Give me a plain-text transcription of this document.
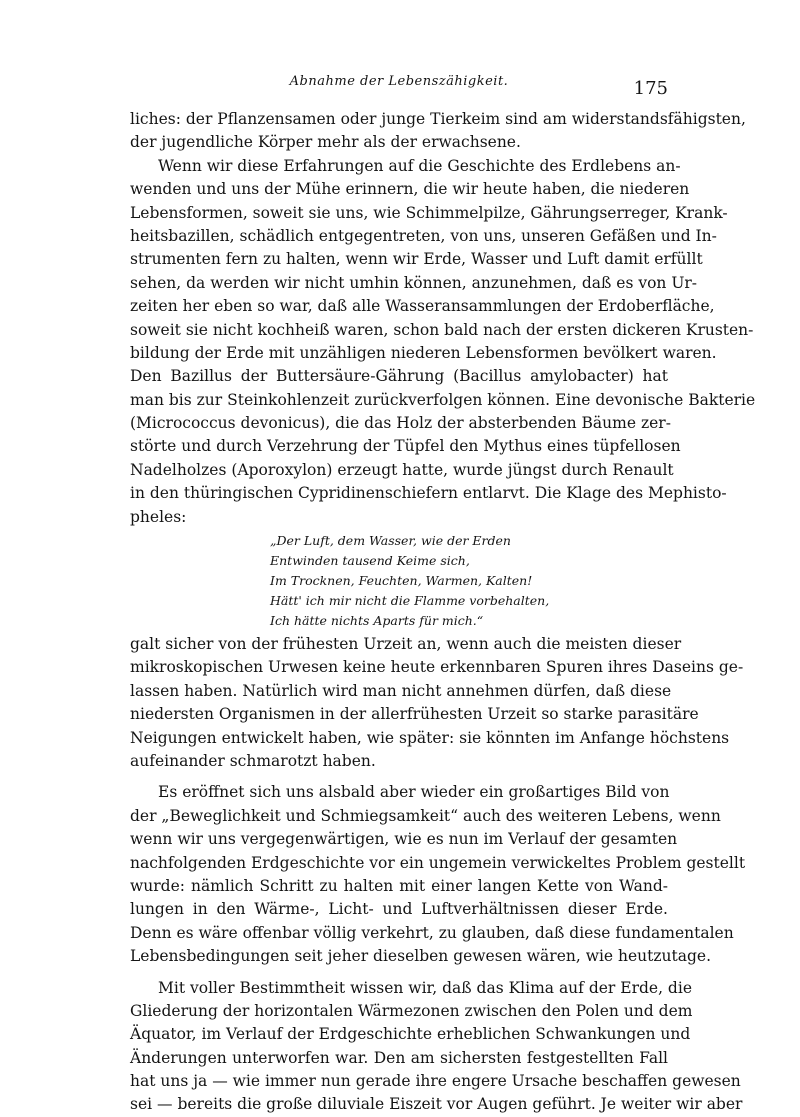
Abnahme der Lebenszähigkeit.	175
liches: der Pflanzensamen oder junge Tierkeim sind am widerstandsfähigsten,
der jugendliche Körper mehr als der erwachsene.
Wenn wir diese Erfahrungen auf die Geschichte des Erdlebens an-
wenden und uns der Mühe erinnern, die wir heute haben, die niederen
Lebensformen, soweit sie uns, wie Schimmelpilze, Gährungserreger, Krank-
heitsbazillen, schädlich entgegentreten, von uns, unseren Gefäßen und In-
strumenten fern zu halten, wenn wir Erde, Wasser und Luft damit erfüllt
sehen, da werden wir nicht umhin können, anzunehmen, daß es von Ur-
zeiten her eben so war, daß alle Wasseransammlungen der Erdoberfläche,
soweit sie nicht kochheiß waren, schon bald nach der ersten dickeren Krusten-
bildung der Erde mit unzähligen niederen Lebensformen bevölkert waren.
Den Bazillus der Buttersäure-Gährung (Bacillus amylobacter) hat
man bis zur Steinkohlenzeit zurückverfolgen können. Eine devonische Bakterie
(Micrococcus devonicus), die das Holz der absterbenden Bäume zer-
störte und durch Verzehrung der Tüpfel den Mythus eines tüpfellosen
Nadelholzes (Aporoxylon) erzeugt hatte, wurde jüngst durch Renault
in den thüringischen Cypridinenschiefern entlarvt. Die Klage des Mephisto-
pheles:
„Der Luft, dem Wasser, wie der Erden
Entwinden tausend Keime sich,
Im Trocknen, Feuchten, Warmen, Kalten!
Hätt' ich mir nicht die Flamme vorbehalten,
Ich hätte nichts Aparts für mich.“
galt sicher von der frühesten Urzeit an, wenn auch die meisten dieser
mikroskopischen Urwesen keine heute erkennbaren Spuren ihres Daseins ge-
lassen haben. Natürlich wird man nicht annehmen dürfen, daß diese
niedersten Organismen in der allerfrühesten Urzeit so starke parasitäre
Neigungen entwickelt haben, wie später: sie könnten im Anfange höchstens
aufeinander schmarotzt haben.
Es eröffnet sich uns alsbald aber wieder ein großartiges Bild von
der „Beweglichkeit und Schmiegsamkeit“ auch des weiteren Lebens, wenn
wenn wir uns vergegenwärtigen, wie es nun im Verlauf der gesamten
nachfolgenden Erdgeschichte vor ein ungemein verwickeltes Problem gestellt
wurde: nämlich Schritt zu halten mit einer langen Kette von Wand-
lungen in den Wärme-, Licht- und Luftverhältnissen dieser Erde.
Denn es wäre offenbar völlig verkehrt, zu glauben, daß diese fundamentalen
Lebensbedingungen seit jeher dieselben gewesen wären, wie heutzutage.
Mit voller Bestimmtheit wissen wir, daß das Klima auf der Erde, die
Gliederung der horizontalen Wärmezonen zwischen den Polen und dem
Äquator, im Verlauf der Erdgeschichte erheblichen Schwankungen und
Änderungen unterworfen war. Den am sichersten festgestellten Fall
hat uns ja — wie immer nun gerade ihre engere Ursache beschaffen gewesen
sei — bereits die große diluviale Eiszeit vor Augen geführt. Je weiter wir aber
